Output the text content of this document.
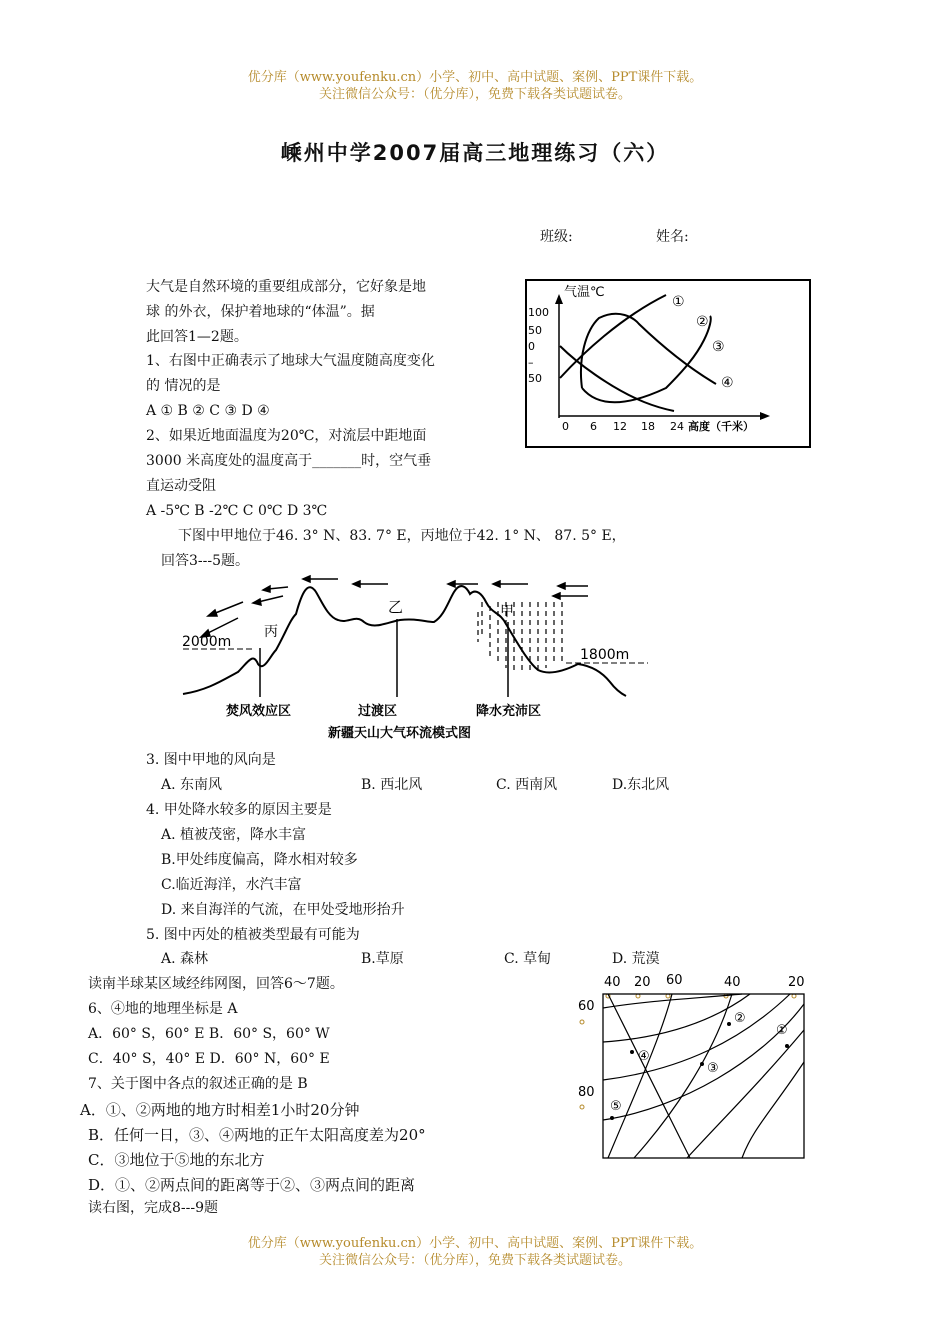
优分库（www.youfenku.cn）小学、初中、高中试题、案例、PPT课件下载。
关注微信公众号：（优分库），免费下载各类试题试卷。
嵊州中学2007届高三地理练习（六）
班级:	姓名:
大气是自然环境的重要组成部分，它好象是地
球 的外衣，保护着地球的“体温”。据
此回答1—2题。
1、右图中正确表示了地球大气温度随高度变化
的 情况的是
A ① B ② C ③ D ④
2、如果近地面温度为20℃，对流层中距地面
3000 米高度处的温度高于_______时，空气垂
直运动受阻
A -5℃ B -2℃ C 0℃ D 3℃
气温℃
100
50
0
–
50
0 6 12 18 24 高度（千米）
①
②
③
④
下图中甲地位于46. 3° N、83. 7° E，丙地位于42. 1° N、 87. 5° E，
回答3---5题。
2000m
1800m
丙
乙	甲
焚风效应区	过渡区	降水充沛区
新疆天山大气环流模式图
3. 图中甲地的风向是
A. 东南风	B. 西北风	C. 西南风	D.东北风
4. 甲处降水较多的原因主要是
A. 植被茂密，降水丰富
B.甲处纬度偏高，降水相对较多
C.临近海洋，水汽丰富
D. 来自海洋的气流，在甲处受地形抬升
5. 图中丙处的植被类型最有可能为
A. 森林	B.草原	C. 草甸	D. 荒漠
读南半球某区域经纬网图，回答6～7题。
6、④地的地理坐标是 A
A．60° S，60° E B．60° S，60° W
C．40° S，40° E D．60° N，60° E
7、关于图中各点的叙述正确的是 B
A．①、②两地的地方时相差1小时20分钟
B．任何一日，③、④两地的正午太阳高度差为20°
C．③地位于⑤地的东北方
D．①、②两点间的距离等于②、③两点间的距离
读右图，完成8---9题
40 20 60	40	20
60
80
①
②
③
④
⑤
优分库（www.youfenku.cn）小学、初中、高中试题、案例、PPT课件下载。
关注微信公众号：（优分库），免费下载各类试题试卷。
